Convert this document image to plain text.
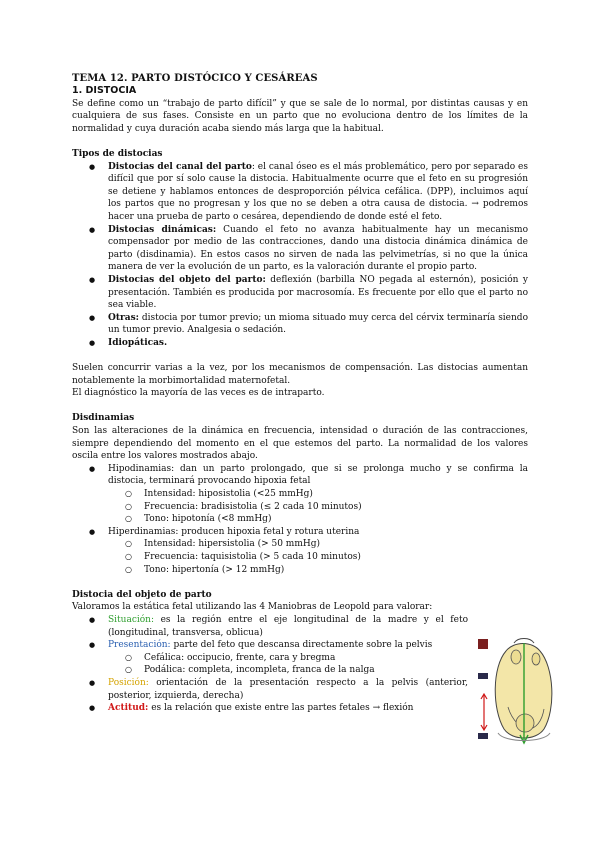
TEMA 12. PARTO DISTÓCICO Y CESÁREAS
1. DISTOCIA

Se define como un “trabajo de parto difícil” y que se sale de lo normal, por distintas causas y en cualquiera de sus fases. Consiste en un parto que no evoluciona dentro de los límites de la normalidad y cuya duración acaba siendo más larga que la habitual.

Tipos de distocias
● Distocias del canal del parto: el canal óseo es el más problemático, pero por separado es difícil que por sí solo cause la distocia. Habitualmente ocurre que el feto en su progresión se detiene y hablamos entonces de desproporción pélvica cefálica. (DPP), incluimos aquí los partos que no progresan y los que no se deben a otra causa de distocia. → podremos hacer una prueba de parto o cesárea, dependiendo de donde esté el feto.
● Distocias dinámicas: Cuando el feto no avanza habitualmente hay un mecanismo compensador por medio de las contracciones, dando una distocia dinámica dinámica de parto (disdinamia). En estos casos no sirven de nada las pelvimetrías, si no que la única manera de ver la evolución de un parto, es la valoración durante el propio parto.
● Distocias del objeto del parto: deflexión (barbilla NO pegada al esternón), posición y presentación. También es producida por macrosomía. Es frecuente por ello que el parto no sea viable.
● Otras: distocia por tumor previo; un mioma situado muy cerca del cérvix terminaría siendo un tumor previo. Analgesia o sedación.
● Idiopáticas.

Suelen concurrir varias a la vez, por los mecanismos de compensación. Las distocias aumentan notablemente la morbimortalidad maternofetal.

El diagnóstico la mayoría de las veces es de intraparto.

Disdinamias

Son las alteraciones de la dinámica en frecuencia, intensidad o duración de las contracciones, siempre dependiendo del momento en el que estemos del parto. La normalidad de los valores oscila entre los valores mostrados abajo.

● Hipodinamias: dan un parto prolongado, que si se prolonga mucho y se confirma la distocia, terminará provocando hipoxia fetal
○ Intensidad: hiposistolia (<25 mmHg)
○ Frecuencia: bradisistolia (≤ 2 cada 10 minutos)
○ Tono: hipotonía (<8 mmHg)
● Hiperdinamias: producen hipoxia fetal y rotura uterina
○ Intensidad: hipersistolia (> 50 mmHg)
○ Frecuencia: taquisistolia (> 5 cada 10 minutos)
○ Tono: hipertonía (> 12 mmHg)
Distocia del objeto de parto

Valoramos la estática fetal utilizando las 4 Maniobras de Leopold para valorar:

● Situación: es la región entre el eje longitudinal de la madre y el feto (longitudinal, transversa, oblicua)
● Presentación: parte del feto que descansa directamente sobre la pelvis
○ Cefálica: occipucio, frente, cara y bregma
○ Podálica: completa, incompleta, franca de la nalga
● Posición: orientación de la presentación respecto a la pelvis (anterior, posterior, izquierda, derecha)
● Actitud: es la relación que existe entre las partes fetales → flexión
